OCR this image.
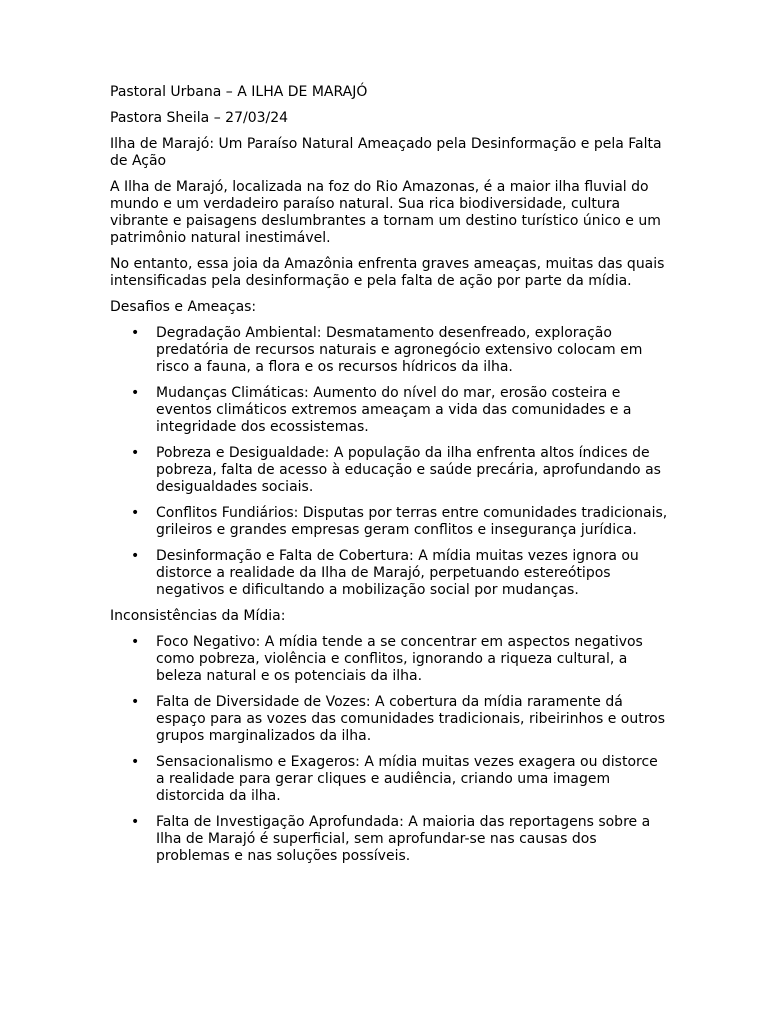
Pastoral Urbana – A ILHA DE MARAJÓ

Pastora Sheila – 27/03/24

Ilha de Marajó: Um Paraíso Natural Ameaçado pela Desinformação e pela Falta de Ação

A Ilha de Marajó, localizada na foz do Rio Amazonas, é a maior ilha fluvial do mundo e um verdadeiro paraíso natural. Sua rica biodiversidade, cultura vibrante e paisagens deslumbrantes a tornam um destino turístico único e um patrimônio natural inestimável.

No entanto, essa joia da Amazônia enfrenta graves ameaças, muitas das quais intensificadas pela desinformação e pela falta de ação por parte da mídia.

Desafios e Ameaças:

• Degradação Ambiental: Desmatamento desenfreado, exploração predatória de recursos naturais e agronegócio extensivo colocam em risco a fauna, a flora e os recursos hídricos da ilha.
• Mudanças Climáticas: Aumento do nível do mar, erosão costeira e eventos climáticos extremos ameaçam a vida das comunidades e a integridade dos ecossistemas.
• Pobreza e Desigualdade: A população da ilha enfrenta altos índices de pobreza, falta de acesso à educação e saúde precária, aprofundando as desigualdades sociais.
• Conflitos Fundiários: Disputas por terras entre comunidades tradicionais, grileiros e grandes empresas geram conflitos e insegurança jurídica.
• Desinformação e Falta de Cobertura: A mídia muitas vezes ignora ou distorce a realidade da Ilha de Marajó, perpetuando estereótipos negativos e dificultando a mobilização social por mudanças.

Inconsistências da Mídia:

• Foco Negativo: A mídia tende a se concentrar em aspectos negativos como pobreza, violência e conflitos, ignorando a riqueza cultural, a beleza natural e os potenciais da ilha.
• Falta de Diversidade de Vozes: A cobertura da mídia raramente dá espaço para as vozes das comunidades tradicionais, ribeirinhos e outros grupos marginalizados da ilha.
• Sensacionalismo e Exageros: A mídia muitas vezes exagera ou distorce a realidade para gerar cliques e audiência, criando uma imagem distorcida da ilha.
• Falta de Investigação Aprofundada: A maioria das reportagens sobre a Ilha de Marajó é superficial, sem aprofundar-se nas causas dos problemas e nas soluções possíveis.
